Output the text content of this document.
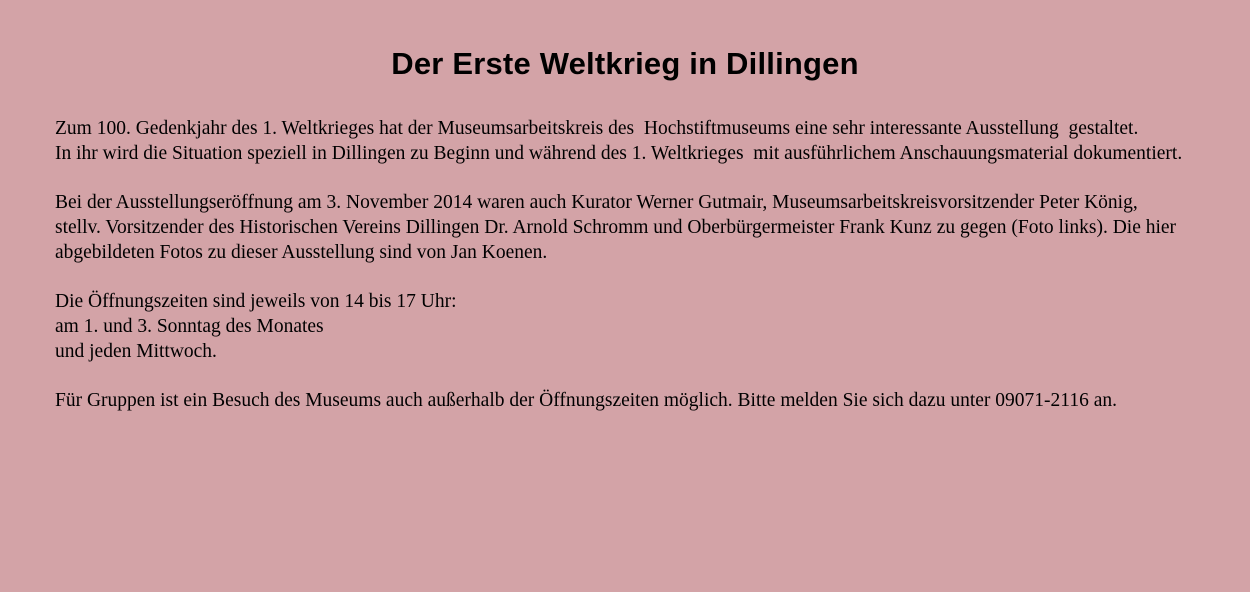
Der Erste Weltkrieg in Dillingen
Zum 100. Gedenkjahr des 1. Weltkrieges hat der Museumsarbeitskreis des  Hochstiftmuseums eine sehr interessante Ausstellung  gestaltet.
In ihr wird die Situation speziell in Dillingen zu Beginn und während des 1. Weltkrieges  mit ausführlichem Anschauungsmaterial dokumentiert.
Bei der Ausstellungseröffnung am 3. November 2014 waren auch Kurator Werner Gutmair, Museumsarbeitskreisvorsitzender Peter König, stellv. Vorsitzender des Historischen Vereins Dillingen Dr. Arnold Schromm und Oberbürgermeister Frank Kunz zu gegen (Foto links). Die hier abgebildeten Fotos zu dieser Ausstellung sind von Jan Koenen.
Die Öffnungszeiten sind jeweils von 14 bis 17 Uhr:
am 1. und 3. Sonntag des Monates
und jeden Mittwoch.
Für Gruppen ist ein Besuch des Museums auch außerhalb der Öffnungszeiten möglich. Bitte melden Sie sich dazu unter 09071-2116 an.
